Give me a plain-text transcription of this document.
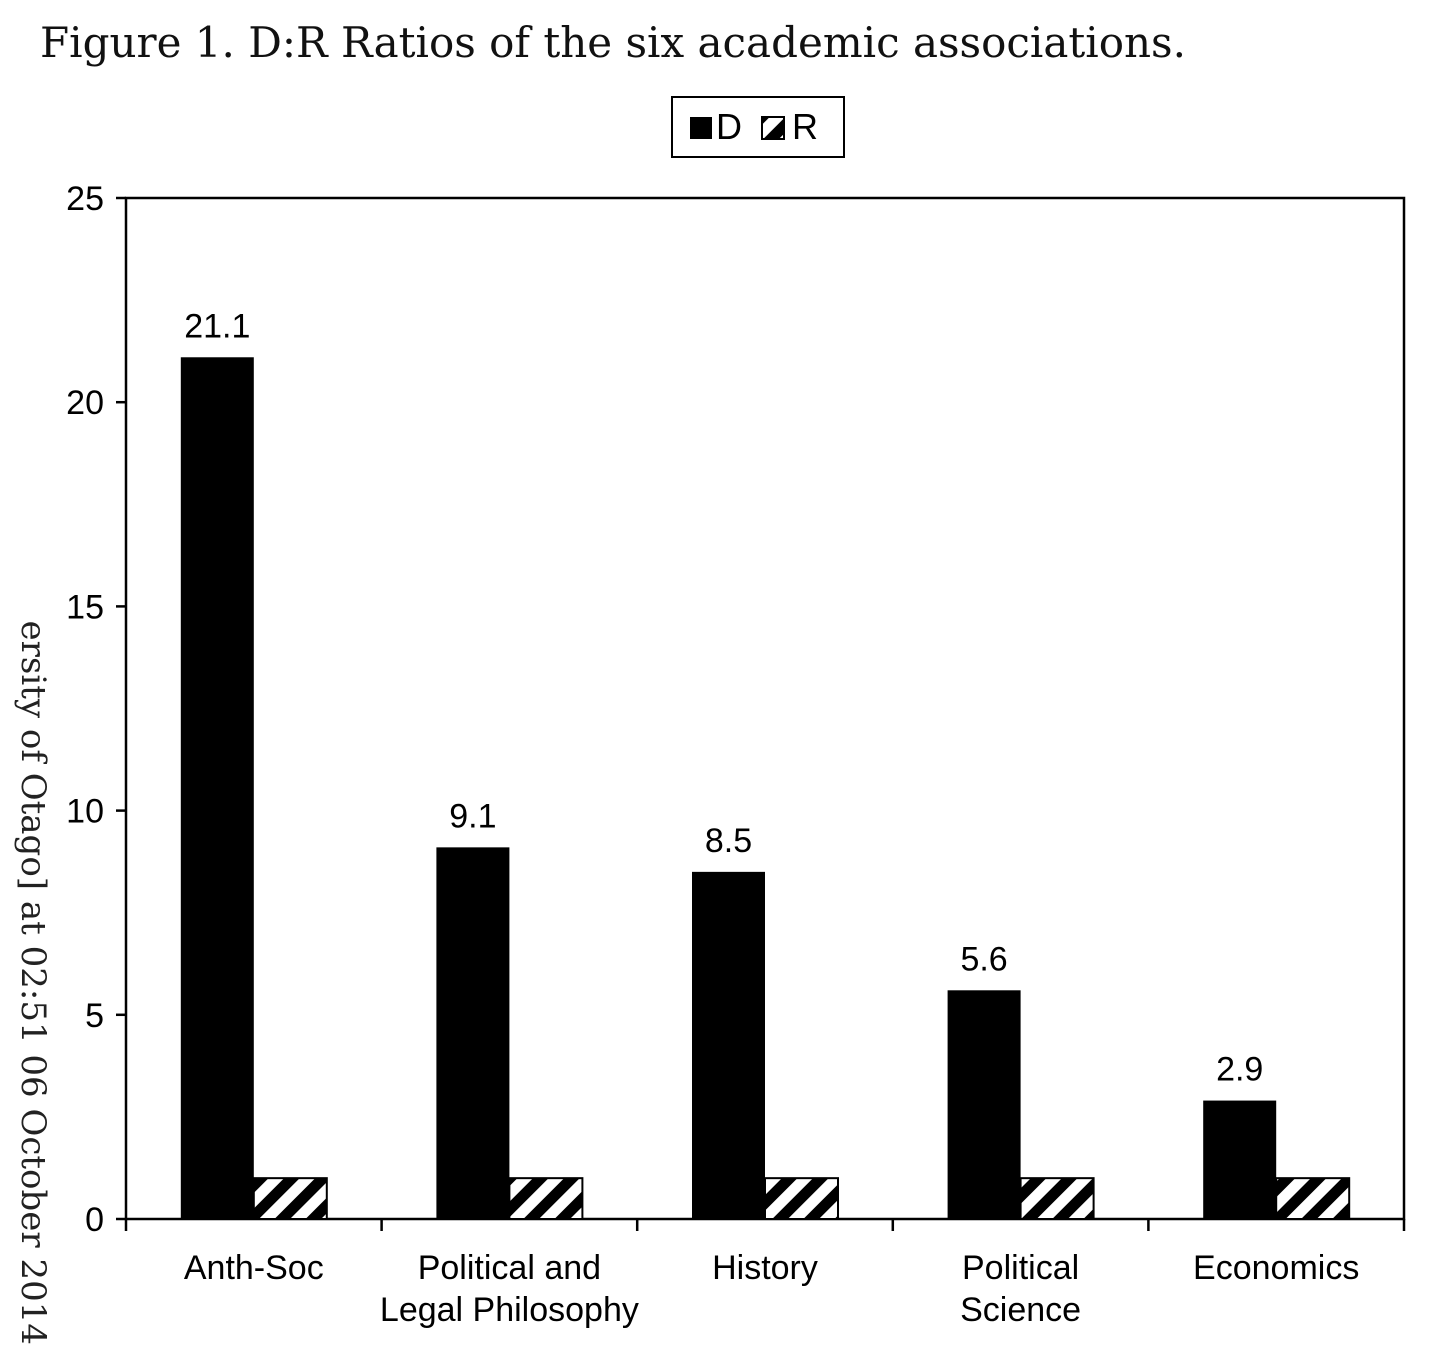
Figure 1. D:R Ratios of the six academic associations.
ersity of Otago] at 02:51 06 October 2014
D R
0
5
10
15
20
25
21.1
Anth-Soc
9.1
Political and Legal Philosophy
8.5
History
5.6
Political Science
2.9
Economics
